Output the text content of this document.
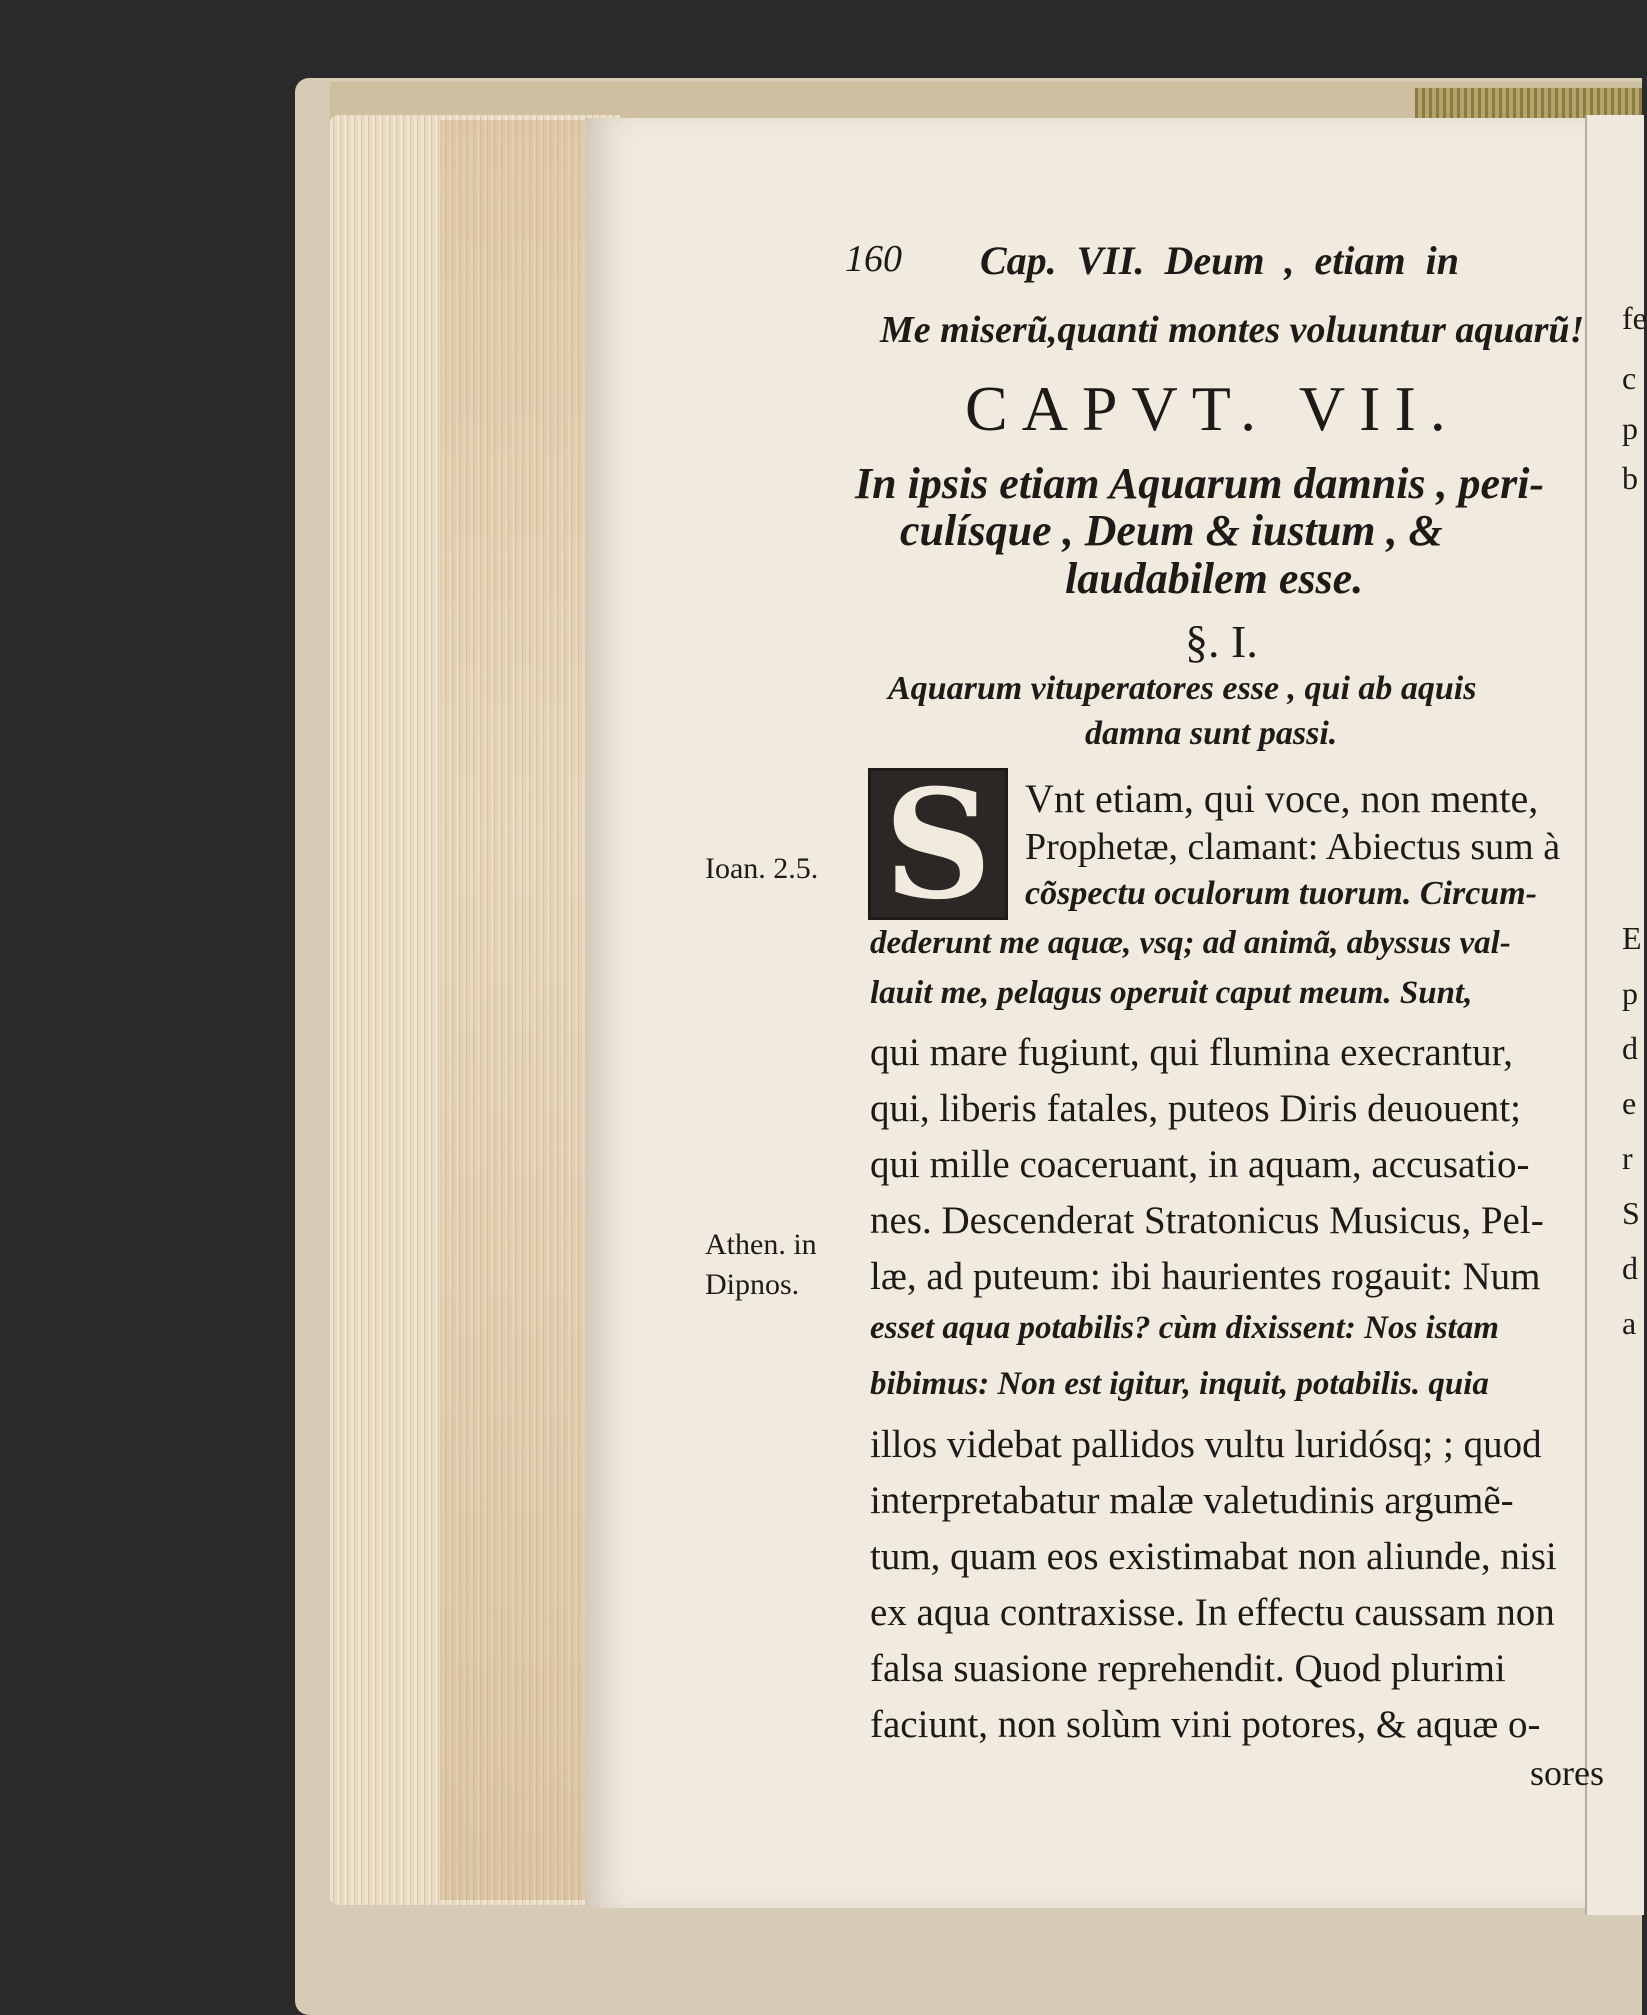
160 Cap. VII. Deum , etiam in
Me miserũ,quanti montes voluuntur aquarũ!
CAPVT. VII.
In ipsis etiam Aquarum damnis , peri-
culísque , Deum & iustum , &
laudabilem esse.
§. I.
Aquarum vituperatores esse , qui ab aquis
damna sunt passi.
S Vnt etiam, qui voce, non mente,
Prophetæ, clamant: Abiectus sum à
cõspectu oculorum tuorum. Circum-
dederunt me aquæ, vsq; ad animã, abyssus val-
lauit me, pelagus operuit caput meum. Sunt,
qui mare fugiunt, qui flumina execrantur,
qui, liberis fatales, puteos Diris deuouent;
qui mille coaceruant, in aquam, accusatio-
nes. Descenderat Stratonicus Musicus, Pel-
læ, ad puteum: ibi haurientes rogauit: Num
esset aqua potabilis? cùm dixissent: Nos istam
bibimus: Non est igitur, inquit, potabilis. quia
illos videbat pallidos vultu luridósq; ; quod
interpretabatur malæ valetudinis argumẽ-
tum, quam eos existimabat non aliunde, nisi
ex aqua contraxisse. In effectu caussam non
falsa suasione reprehendit. Quod plurimi
faciunt, non solùm vini potores, & aquæ o-
sores
Ioan. 2.5.
Athen. in
Dipnos.
fe
c
p
b
E
p
d
e
r
S
d
a
